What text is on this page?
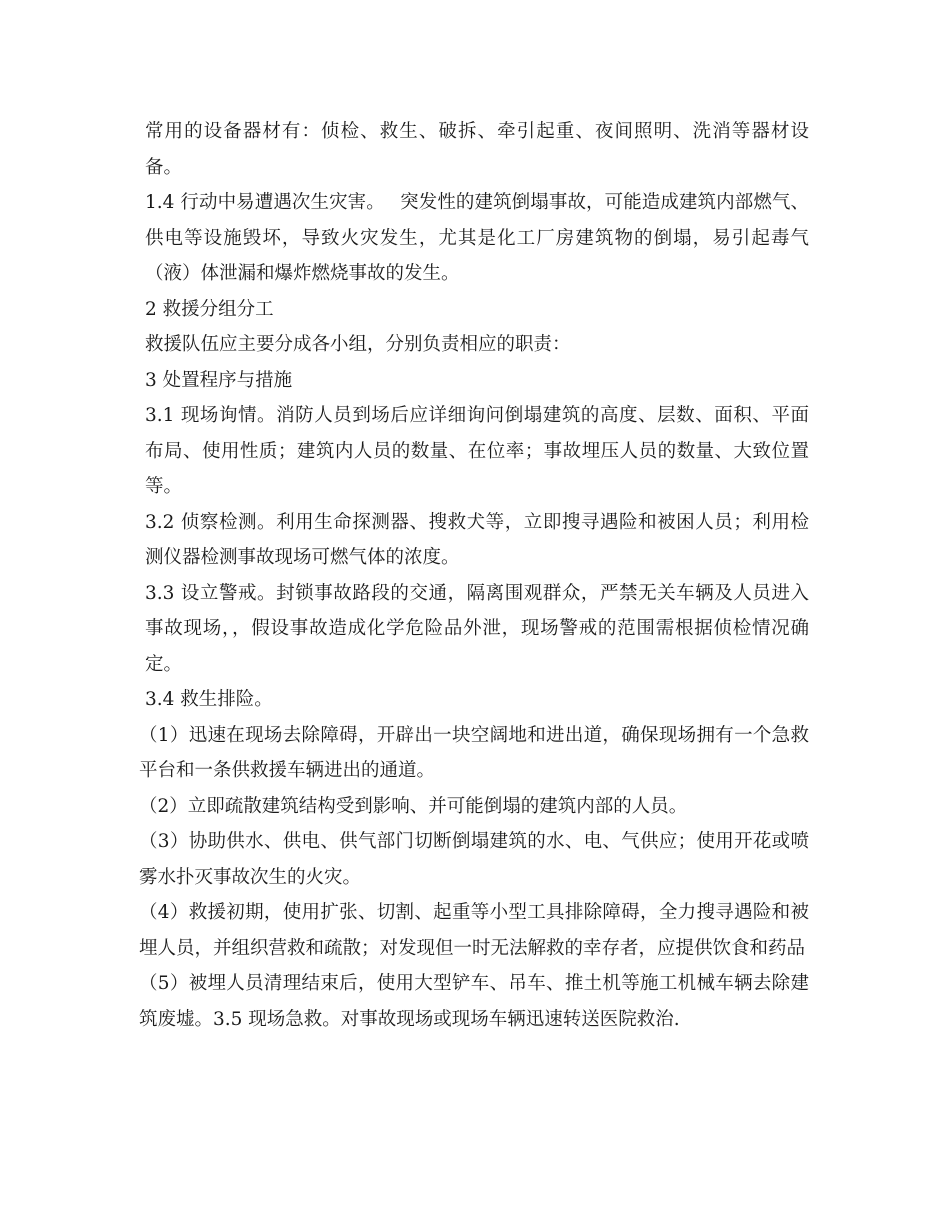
常用的设备器材有：侦检、救生、破拆、牵引起重、夜间照明、洗消等器材设备。

1.4 行动中易遭遇次生灾害。　 突发性的建筑倒塌事故，可能造成建筑内部燃气、供电等设施毁坏，导致火灾发生，尤其是化工厂房建筑物的倒塌，易引起毒气（液）体泄漏和爆炸燃烧事故的发生。

2 救援分组分工

救援队伍应主要分成各小组，分别负责相应的职责：

3 处置程序与措施

3.1 现场询情。消防人员到场后应详细询问倒塌建筑的高度、层数、面积、平面布局、使用性质；建筑内人员的数量、在位率；事故埋压人员的数量、大致位置等。

3.2 侦察检测。利用生命探测器、搜救犬等，立即搜寻遇险和被困人员；利用检测仪器检测事故现场可燃气体的浓度。

3.3 设立警戒。封锁事故路段的交通，隔离围观群众，严禁无关车辆及人员进入事故现场，，假设事故造成化学危险品外泄，现场警戒的范围需根据侦检情况确定。

3.4 救生排险。

（1）迅速在现场去除障碍，开辟出一块空阔地和进出道，确保现场拥有一个急救平台和一条供救援车辆进出的通道。

（2）立即疏散建筑结构受到影响、并可能倒塌的建筑内部的人员。

（3）协助供水、供电、供气部门切断倒塌建筑的水、电、气供应；使用开花或喷雾水扑灭事故次生的火灾。

（4）救援初期，使用扩张、切割、起重等小型工具排除障碍，全力搜寻遇险和被埋人员，并组织营救和疏散；对发现但一时无法解救的幸存者，应提供饮食和药品

（5）被埋人员清理结束后，使用大型铲车、吊车、推土机等施工机械车辆去除建筑废墟。3.5 现场急救。对事故现场或现场车辆迅速转送医院救治.
